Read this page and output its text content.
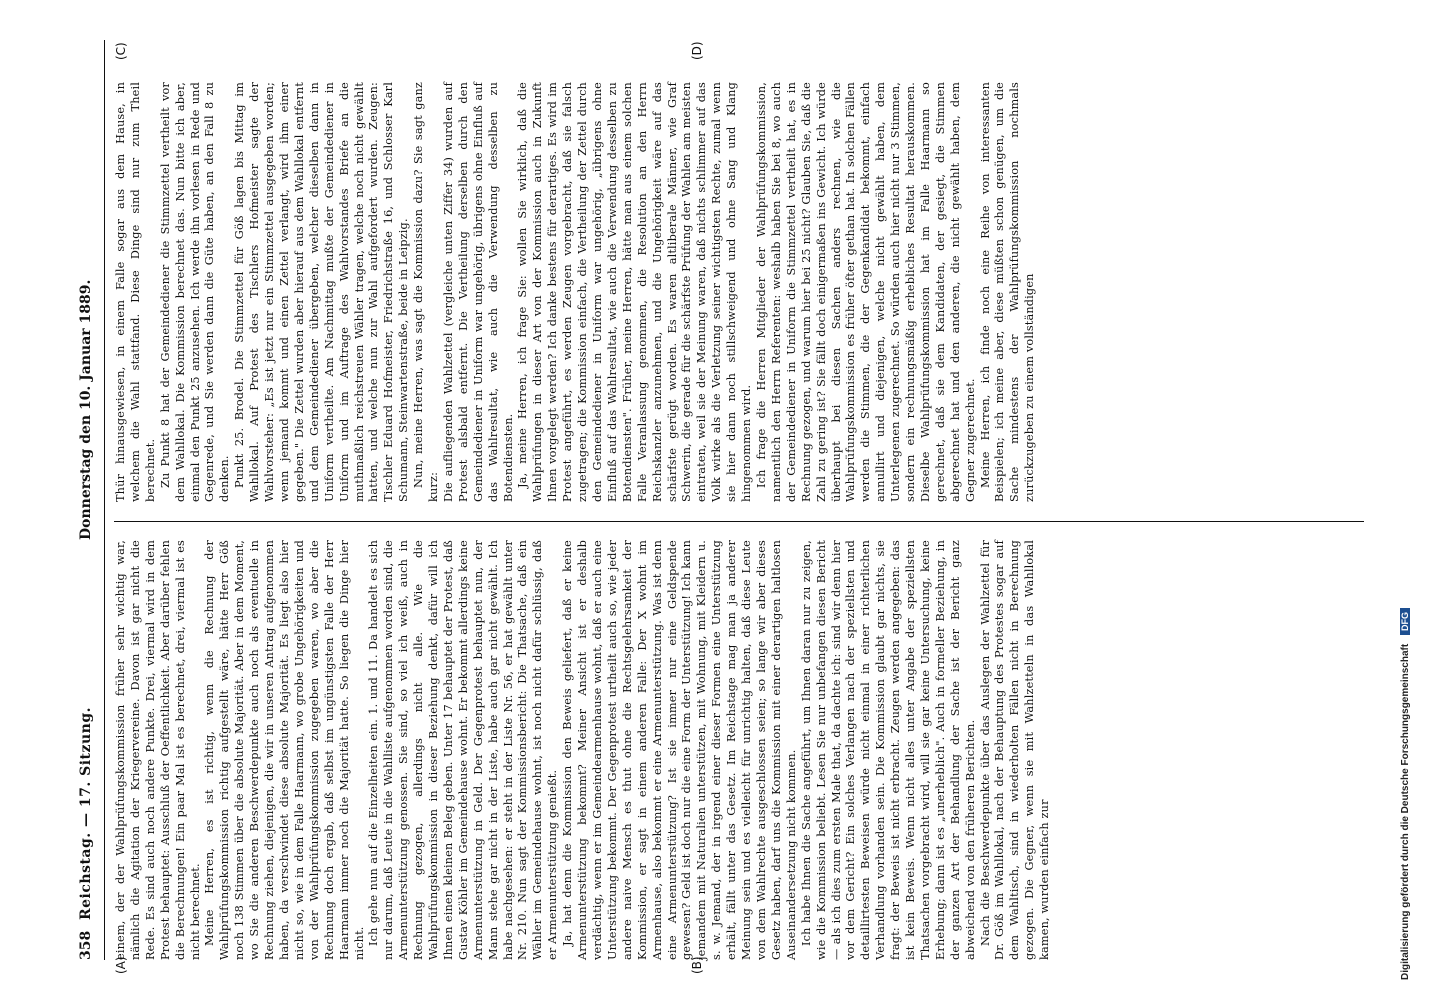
358
Reichstag. — 17. Sitzung.
Donnerstag den 10. Januar 1889.
(A)	(B)
(C)	(D)

einem, der der Wahlprüfungskommission früher sehr wichtig war, nämlich die Agitation der Kriegervereine. Davon ist gar nicht die Rede. Es sind auch noch andere Punkte. Drei, viermal wird in dem Protest behauptet: Ausschluß der Oeffentlichkeit. Aber darüber fehlen die Berechnungen! Ein paar Mal ist es berechnet, drei, viermal ist es nicht berechnet. Meine Herren, es ist richtig, wenn die Rechnung der Wahlprüfungskommission richtig aufgestellt wäre, hätte Herr Göß noch 138 Stimmen über die absolute Majorität. Aber in dem Moment, wo Sie die anderen Beschwerdepunkte auch noch als eventuelle in Rechnung ziehen, diejenigen, die wir in unseren Antrag aufgenommen haben, da verschwindet diese absolute Majorität. Es liegt also hier nicht so, wie in dem Falle Haarmann, wo grobe Ungehörigkeiten und von der Wahlprüfungskommission zugegeben waren, wo aber die Rechnung doch ergab, daß selbst im ungünstigsten Falle der Herr Haarmann immer noch die Majorität hatte. So liegen die Dinge hier nicht. Ich gehe nun auf die Einzelheiten ein. 1. und 11. Da handelt es sich nur darum, daß Leute in die Wahlliste aufgenommen worden sind, die Armenunterstützung genossen. Sie sind, so viel ich weiß, auch in Rechnung gezogen, allerdings nicht alle. Wie die Wahlprüfungskommission in dieser Beziehung denkt, dafür will ich Ihnen einen kleinen Beleg geben. Unter 17 behauptet der Protest, daß Gustav Köhler im Gemeindehause wohnt. Er bekommt allerdings keine Armenunterstützung in Geld. Der Gegenprotest behauptet nun, der Mann stehe gar nicht in der Liste, habe auch gar nicht gewählt. Ich habe nachgesehen: er steht in der Liste Nr. 56, er hat gewählt unter Nr. 210. Nun sagt der Kommissionsbericht: Die Thatsache, daß ein Wähler im Gemeindehause wohnt, ist noch nicht dafür schlüssig, daß er Armenunterstützung genießt. Ja, hat denn die Kommission den Beweis geliefert, daß er keine Armenunterstützung bekommt? Meiner Ansicht ist er deshalb verdächtig, wenn er im Gemeindearmenhause wohnt, daß er auch eine Unterstützung bekommt. Der Gegenprotest urtheilt auch so, wie jeder andere naive Mensch es thut ohne die Rechtsgelehrsamkeit der Kommission, er sagt in einem anderen Falle: Der X wohnt im Armenhause, also bekommt er eine Armenunterstützung. Was ist denn eine Armenunterstützung? Ist sie immer nur eine Geldspende gewesen? Geld ist doch nur die eine Form der Unterstützung! Ich kann jemandem mit Naturalien unterstützen, mit Wohnung, mit Kleidern u. s. w. Jemand, der in irgend einer dieser Formen eine Unterstützung erhält, fällt unter das Gesetz. Im Reichstage mag man ja anderer Meinung sein und es vielleicht für unrichtig halten, daß diese Leute von dem Wahlrechte ausgeschlossen seien; so lange wir aber dieses Gesetz haben, darf uns die Kommission mit einer derartigen haltlosen Auseinandersetzung nicht kommen. Ich habe Ihnen die Sache angeführt, um Ihnen daran nur zu zeigen, wie die Kommission beliebt. Lesen Sie nur unbefangen diesen Bericht — als ich dies zum ersten Male that, da dachte ich: sind wir denn hier vor dem Gericht? Ein solches Verlangen nach der speziellsten und detaillirtesten Beweisen würde nicht einmal in einer richterlichen Verhandlung vorhanden sein. Die Kommission glaubt gar nichts, sie fragt: der Beweis ist nicht erbracht. Zeugen werden angegeben: das ist kein Beweis. Wenn nicht alles unter Angabe der speziellsten Thatsachen vorgebracht wird, will sie gar keine Untersuchung, keine Erhebung; dann ist es „unerheblich". Auch in formeller Beziehung, in der ganzen Art der Behandlung der Sache ist der Bericht ganz abweichend von den früheren Berichten. Nach die Beschwerdepunkte über das Auslegen der Wahlzettel für Dr. Göß im Wahllokal, nach der Behauptung des Protestes sogar auf dem Wahltisch, sind in wiederholten Fällen nicht in Berechnung gezogen. Die Gegner, wenn sie mit Wahlzetteln in das Wahllokal kamen, wurden einfach zur

Thür hinausgewiesen, in einem Falle sogar aus dem Hause, in welchem die Wahl stattfand. Diese Dinge sind nur zum Theil berechnet. Zu Punkt 8 hat der Gemeindediener die Stimmzettel vertheilt vor dem Wahllokal. Die Kommission berechnet das. Nun bitte ich aber, einmal den Punkt 25 anzusehen. Ich werde ihn vorlesen in Rede und Gegenrede, und Sie werden dann die Güte haben, an den Fall 8 zu denken. Punkt 25. Brodel. Die Stimmzettel für Göß lagen bis Mittag im Wahllokal. Auf Protest des Tischlers Hofmeister sagte der Wahlvorsteher: „Es ist jetzt nur ein Stimmzettel ausgegeben worden; wenn jemand kommt und einen Zettel verlangt, wird ihm einer gegeben." Die Zettel wurden aber hierauf aus dem Wahllokal entfernt und dem Gemeindediener übergeben, welcher dieselben dann in Uniform vertheilte. Am Nachmittag mußte der Gemeindediener in Uniform und im Auftrage des Wahlvorstandes Briefe an die muthmaßlich reichstreuen Wähler tragen, welche noch nicht gewählt hatten, und welche nun zur Wahl aufgefordert wurden. Zeugen: Tischler Eduard Hofmeister, Friedrichstraße 16, und Schlosser Karl Schumann, Steinwartenstraße, beide in Leipzig. Nun, meine Herren, was sagt die Kommission dazu? Sie sagt ganz kurz: Die aufliegenden Wahlzettel (vergleiche unten Ziffer 34) wurden auf Protest alsbald entfernt. Die Vertheilung derselben durch den Gemeindediener in Uniform war ungehörig, übrigens ohne Einfluß auf das Wahlresultat, wie auch die Verwendung desselben zu Botendiensten. Ja, meine Herren, ich frage Sie: wollen Sie wirklich, daß die Wahlprüfungen in dieser Art von der Kommission auch in Zukunft Ihnen vorgelegt werden? Ich danke bestens für derartiges. Es wird im Protest angeführt, es werden Zeugen vorgebracht, daß sie falsch zugetragen; die Kommission einfach, die Vertheilung der Zettel durch den Gemeindediener in Uniform war ungehörig, „übrigens ohne Einfluß auf das Wahlresultat, wie auch die Verwendung desselben zu Botendiensten". Früher, meine Herren, hätte man aus einem solchen Falle Veranlassung genommen, die Resolution an den Herrn Reichskanzler anzunehmen, und die Ungehörigkeit wäre auf das schärfste gerügt worden. Es waren altliberale Männer, wie Graf Schwerin, die gerade für die schärfste Prüfung der Wahlen am meisten eintraten, weil sie der Meinung waren, daß nichts schlimmer auf das Volk wirke als die Verletzung seiner wichtigsten Rechte, zumal wenn sie hier dann noch stillschweigend und ohne Sang und Klang hingenommen wird. Ich frage die Herren Mitglieder der Wahlprüfungskommission, namentlich den Herrn Referenten: weshalb haben Sie bei 8, wo auch der Gemeindediener in Uniform die Stimmzettel vertheilt hat, es in Rechnung gezogen, und warum hier bei 25 nicht? Glauben Sie, daß die Zahl zu gering ist? Sie fällt doch einigermaßen ins Gewicht. Ich würde überhaupt bei diesen Sachen anders rechnen, wie die Wahlprüfungskommission es früher öfter gethan hat. In solchen Fällen werden die Stimmen, die der Gegenkandidat bekommt, einfach annullirt und diejenigen, welche nicht gewählt haben, dem Unterlegenen zugerechnet. So würden auch hier nicht nur 3 Stimmen, sondern ein rechnungsmäßig erhebliches Resultat herauskommen. Dieselbe Wahlprüfungskommission hat im Falle Haarmann so gerechnet, daß sie dem Kandidaten, der gesiegt, die Stimmen abgerechnet hat und den anderen, die nicht gewählt haben, dem Gegner zugerechnet. Meine Herren, ich finde noch eine Reihe von interessanten Beispielen; ich meine aber, diese müßten schon genügen, um die Sache mindestens der Wahlprüfungskommission nochmals zurückzugeben zu einem vollständigen

Digitalisierung gefördert durch die Deutsche Forschungsgemeinschaft DFG
